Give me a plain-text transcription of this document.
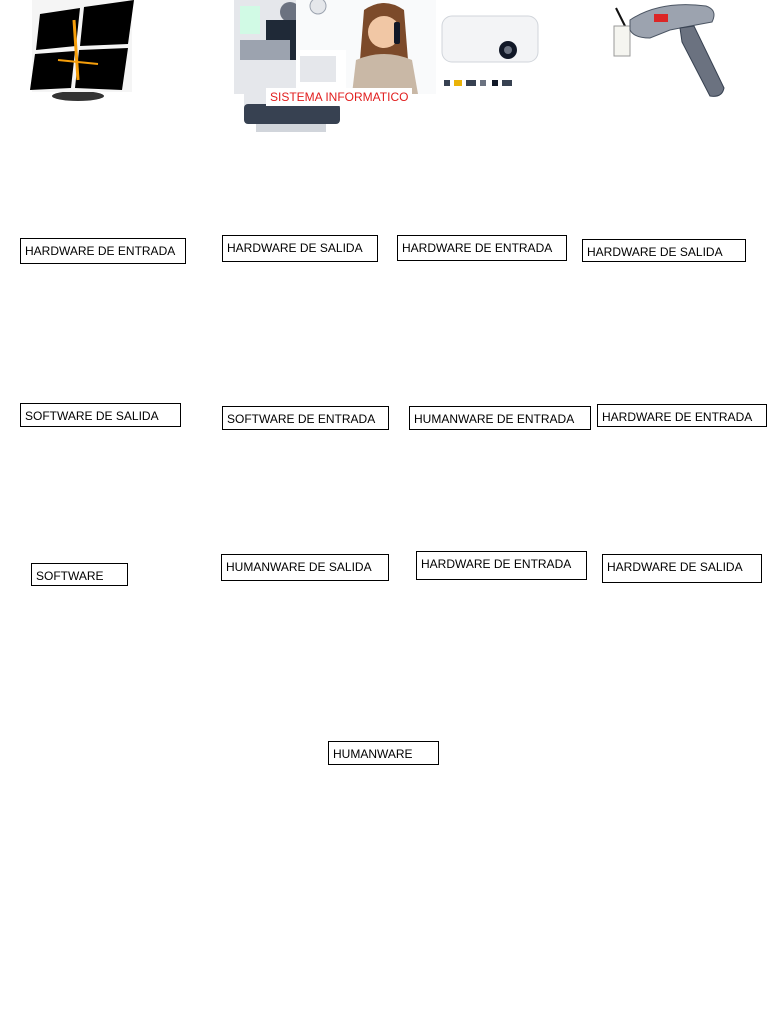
SISTEMA INFORMATICO
HARDWARE DE ENTRADA	HARDWARE DE SALIDA	HARDWARE DE ENTRADA	HARDWARE DE SALIDA
SOFTWARE DE SALIDA	SOFTWARE DE ENTRADA	HUMANWARE DE ENTRADA	HARDWARE DE ENTRADA
SOFTWARE
HUMANWARE DE SALIDA	HARDWARE DE ENTRADA	HARDWARE DE SALIDA
HUMANWARE
